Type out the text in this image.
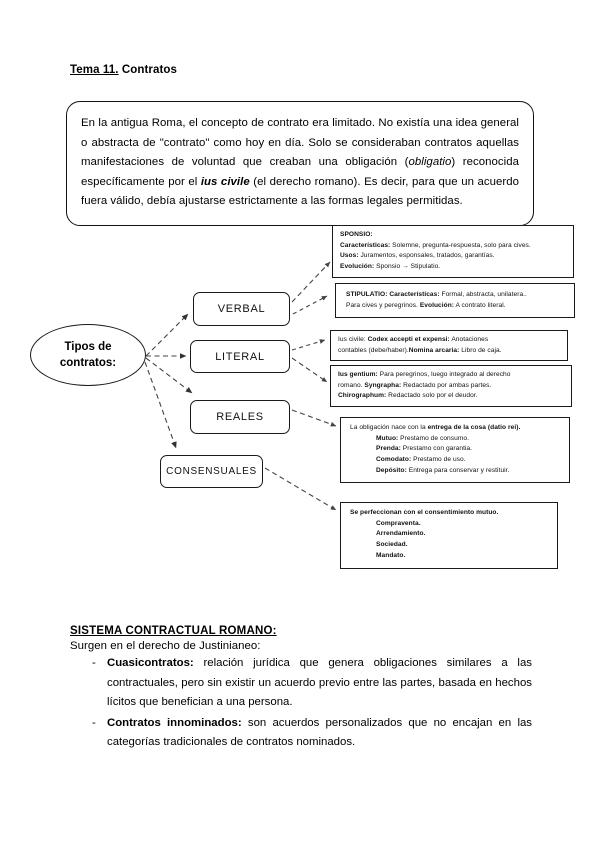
Tema 11. Contratos

En la antigua Roma, el concepto de contrato era limitado. No existía una idea general o abstracta de "contrato" como hoy en día. Solo se consideraban contratos aquellas manifestaciones de voluntad que creaban una obligación (obligatio) reconocida específicamente por el ius civile (el derecho romano). Es decir, para que un acuerdo fuera válido, debía ajustarse estrictamente a las formas legales permitidas.

Tipos de
contratos:
VERBAL
LITERAL
REALES
CONSENSUALES
SPONSIO:
Características: Solemne, pregunta-respuesta, solo para cives.
Usos: Juramentos, esponsales, tratados, garantías.
Evolución: Sponsio → Stipulatio.
STIPULATIO: Características: Formal, abstracta, unilatera..
Para cives y peregrinos. Evolución: A contrato literal.
Ius civile: Codex accepti et expensi: Anotaciones
contables (debe/haber).Nomina arcaria: Libro de caja.
Ius gentium: Para peregrinos, luego integrado al derecho
romano. Syngrapha: Redactado por ambas partes.
Chirographum: Redactado solo por el deudor.
La obligación nace con la entrega de la cosa (datio rei).
Mutuo: Prestamo de consumo.
Prenda: Prestamo con garantia.
Comodato: Prestamo de uso.
Depósito: Entrega para conservar y restituir.
Se perfeccionan con el consentimiento mutuo.
Compraventa.
Arrendamiento.
Sociedad.
Mandato.
SISTEMA CONTRACTUAL ROMANO:
Surgen en el derecho de Justinianeo:
- Cuasicontratos: relación jurídica que genera obligaciones similares a las contractuales, pero sin existir un acuerdo previo entre las partes, basada en hechos lícitos que benefician a una persona.
- Contratos innominados: son acuerdos personalizados que no encajan en las categorías tradicionales de contratos nominados.
